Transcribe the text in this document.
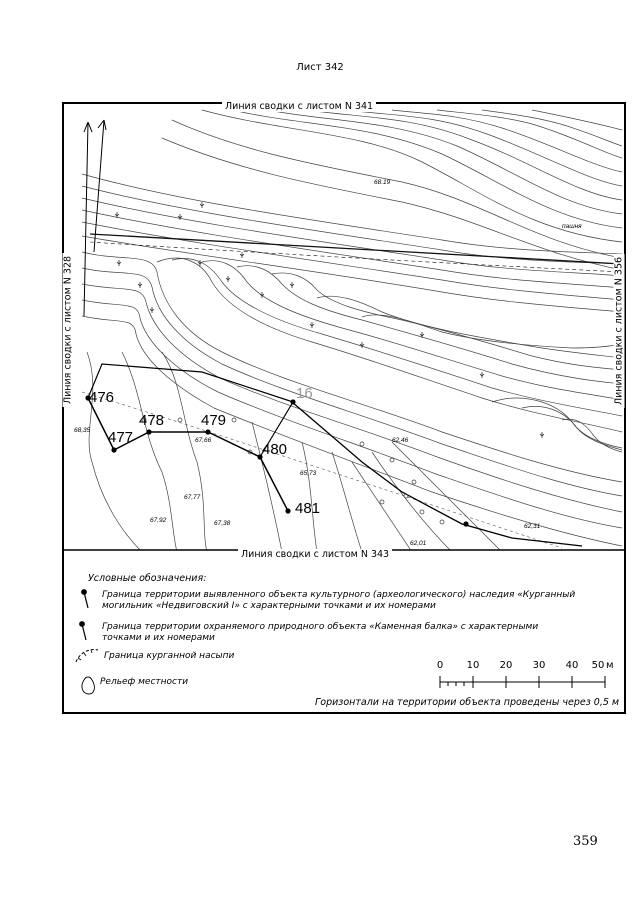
Лист 342
476
477
478 479
480
481
16
68.19
68,35
67,66
65,73
67,77
67,92	67,38
62,46
62,31
62,01
пашня
Линия сводки с листом N 341
Линия сводки с листом N 343
Линия сводки с листом N 328	Линия сводки с листом N 356
Условные обозначения:
Граница территории выявленного объекта культурного (археологического) наследия «Курганный могильник «Недвиговский I» с характерными точками и их номерами
Граница территории охраняемого природного объекта «Каменная балка» с характерными точками и их номерами
Граница курганной насыпи
Рельеф местности
0 10 20 30 40 50 м
Горизонтали на территории объекта проведены через 0,5 м
359
